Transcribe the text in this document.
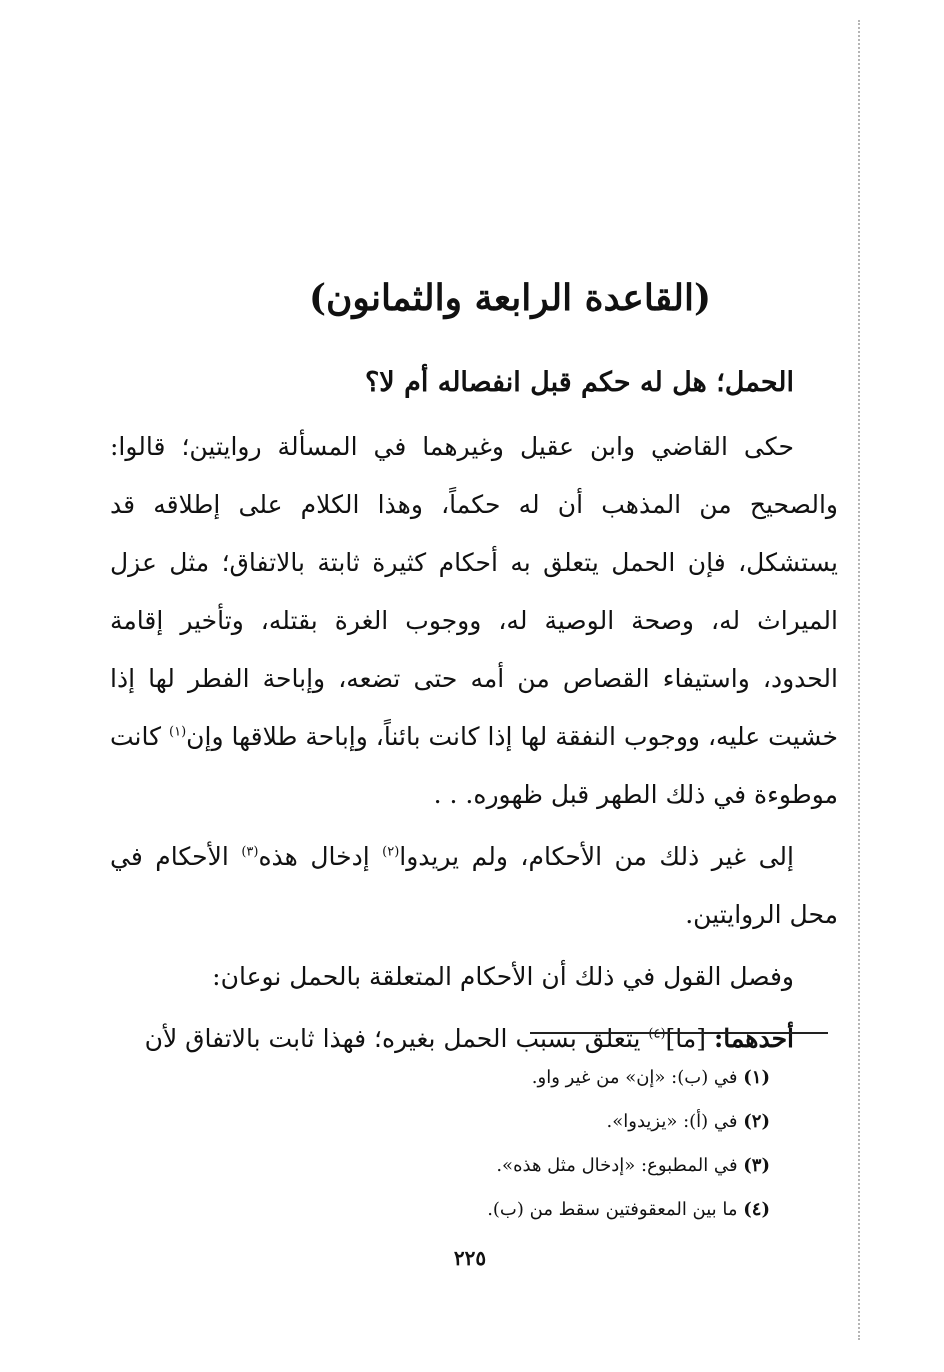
(القاعدة الرابعة والثمانون)

الحمل؛ هل له حكم قبل انفصاله أم لا؟

حكى القاضي وابن عقيل وغيرهما في المسألة روايتين؛ قالوا: والصحيح من المذهب أن له حكماً، وهذا الكلام على إطلاقه قد يستشكل، فإن الحمل يتعلق به أحكام كثيرة ثابتة بالاتفاق؛ مثل عزل الميراث له، وصحة الوصية له، ووجوب الغرة بقتله، وتأخير إقامة الحدود، واستيفاء القصاص من أمه حتى تضعه، وإباحة الفطر لها إذا خشيت عليه، ووجوب النفقة لها إذا كانت بائناً، وإباحة طلاقها وإن$^{(١)}$ كانت موطوءة في ذلك الطهر قبل ظهوره. . .

إلى غير ذلك من الأحكام، ولم يريدوا$^{(٢)}$ إدخال هذه$^{(٣)}$ الأحكام في محل الروايتين.

وفصل القول في ذلك أن الأحكام المتعلقة بالحمل نوعان:

أحدهما: [ما]$^{(٤)}$ يتعلق بسبب الحمل بغيره؛ فهذا ثابت بالاتفاق لأن

(١) في (ب): «إن» من غير واو.

(٢) في (أ): «يزيدوا».

(٣) في المطبوع: «إدخال مثل هذه».

(٤) ما بين المعقوفتين سقط من (ب).

٢٢٥
